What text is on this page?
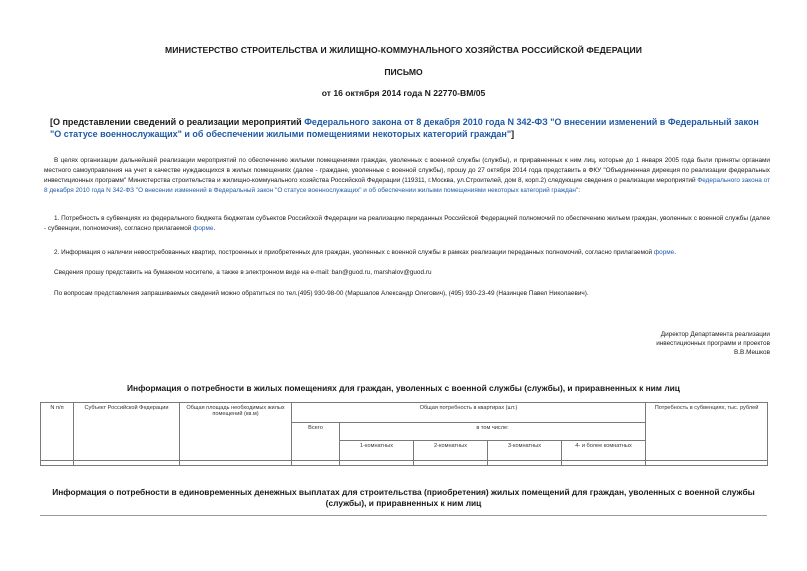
МИНИСТЕРСТВО СТРОИТЕЛЬСТВА И ЖИЛИЩНО-КОММУНАЛЬНОГО ХОЗЯЙСТВА РОССИЙСКОЙ ФЕДЕРАЦИИ
ПИСЬМО
от 16 октября 2014 года N 22770-ВМ/05
[О представлении сведений о реализации мероприятий Федерального закона от 8 декабря 2010 года N 342-ФЗ "О внесении изменений в Федеральный закон "О статусе военнослужащих" и об обеспечении жилыми помещениями некоторых категорий граждан"]
В целях организации дальнейшей реализации мероприятий по обеспечению жилыми помещениями граждан, уволенных с военной службы (службы), и приравненных к ним лиц, которые до 1 января 2005 года были приняты органами местного самоуправления на учет в качестве нуждающихся в жилых помещениях (далее - граждане, уволенные с военной службы), прошу до 27 октября 2014 года представить в ФКУ "Объединенная дирекция по реализации федеральных инвестиционных программ" Министерства строительства и жилищно-коммунального хозяйства Российской Федерации (119311, г.Москва, ул.Строителей, дом 8, корп.2) следующие сведения о реализации мероприятий Федерального закона от 8 декабря 2010 года N 342-ФЗ "О внесении изменений в Федеральный закон "О статусе военнослужащих" и об обеспечении жилыми помещениями некоторых категорий граждан":
1. Потребность в субвенциях из федерального бюджета бюджетам субъектов Российской Федерации на реализацию переданных Российской Федерацией полномочий по обеспечению жильем граждан, уволенных с военной службы (далее - субвенции, полномочия), согласно прилагаемой форме.
2. Информация о наличии невостребованных квартир, построенных и приобретенных для граждан, уволенных с военной службы в рамках реализации переданных полномочий, согласно прилагаемой форме.
Сведения прошу представить на бумажном носителе, а также в электронном виде на e-mail: ban@guod.ru, marshalov@guod.ru
По вопросам представления запрашиваемых сведений можно обратиться по тел.(495) 930-98-00 (Маршалов Александр Олегович), (495) 930-23-49 (Назинцев Павел Николаевич).
Директор Департамента реализации
инвестиционных программ и проектов
В.В.Мешков
Информация о потребности в жилых помещениях для граждан, уволенных с военной службы (службы), и приравненных к ним лиц
N п/п	Субъект Российской Федерации	Общая площадь необходимых жилых помещений (кв.м)	Общая потребность в квартирах (шт.)					Потребность в субвенциях, тыс. рублей
			Всего	в том числе:				
				1-комнатных	2-комнатных	3-комнатных	4- и более комнатных	

Информация о потребности в единовременных денежных выплатах для строительства (приобретения) жилых помещений для граждан, уволенных с военной службы (службы), и приравненных к ним лиц
